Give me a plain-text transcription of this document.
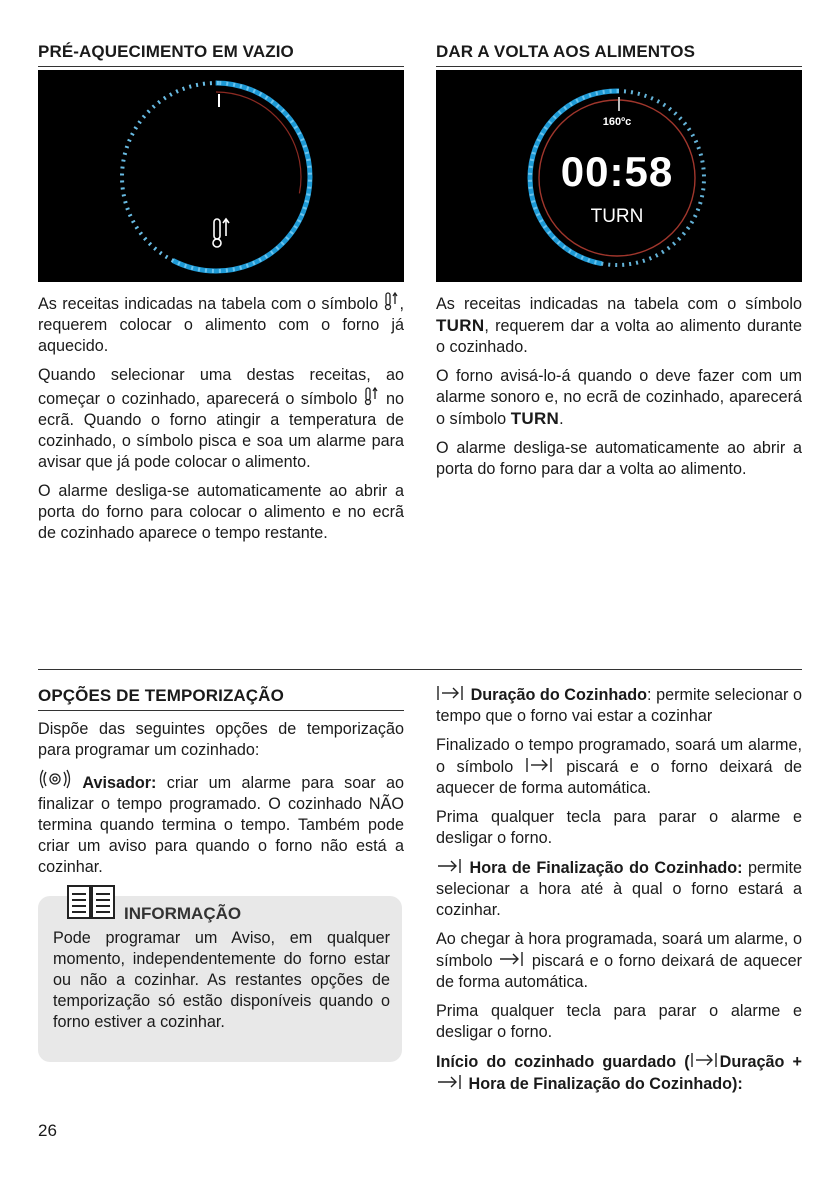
PRÉ-AQUECIMENTO EM VAZIO

As receitas indicadas na tabela com o símbolo , requerem colocar o alimento com o forno já aquecido.

Quando selecionar uma destas receitas, ao começar o cozinhado, aparecerá o símbolo  no ecrã. Quando o forno atingir a temperatura de cozinhado, o símbolo pisca e soa um alarme para avisar que já pode colocar o alimento.

O alarme desliga-se automaticamente ao abrir a porta do forno para colocar o alimento e no ecrã de cozinhado aparece o tempo restante.

DAR A VOLTA AOS ALIMENTOS
160ºc
00:58
TURN

As receitas indicadas na tabela com o símbolo TURN, requerem dar a volta ao alimento durante o cozinhado.

O forno avisá-lo-á quando o deve fazer com um alarme sonoro e, no ecrã de cozinhado, aparecerá o símbolo TURN.

O alarme desliga-se automaticamente ao abrir a porta do forno para dar a volta ao alimento.

OPÇÕES DE TEMPORIZAÇÃO

Dispõe das seguintes opções de temporização para programar um cozinhado:

Avisador: criar um alarme para soar ao finalizar o tempo programado. O cozinhado NÃO termina quando termina o tempo. Também pode criar um aviso para quando o forno não está a cozinhar.

Pode programar um Aviso, em qualquer momento, independentemente do forno estar ou não a cozinhar. As restantes opções de temporização só estão disponíveis quando o forno estiver a cozinhar.

INFORMAÇÃO

Duração do Cozinhado: permite selecionar o tempo que o forno vai estar a cozinhar

Finalizado o tempo programado, soará um alarme, o símbolo  piscará e o forno deixará de aquecer de forma automática.

Prima qualquer tecla para parar o alarme e desligar o forno.

Hora de Finalização do Cozinhado: permite selecionar a hora até à qual o forno estará a cozinhar.

Ao chegar à hora programada, soará um alarme, o símbolo  piscará e o forno deixará de aquecer de forma automática.

Prima qualquer tecla para parar o alarme e desligar o forno.

Início do cozinhado guardado ( Duração +  Hora de Finalização do Cozinhado):

26
